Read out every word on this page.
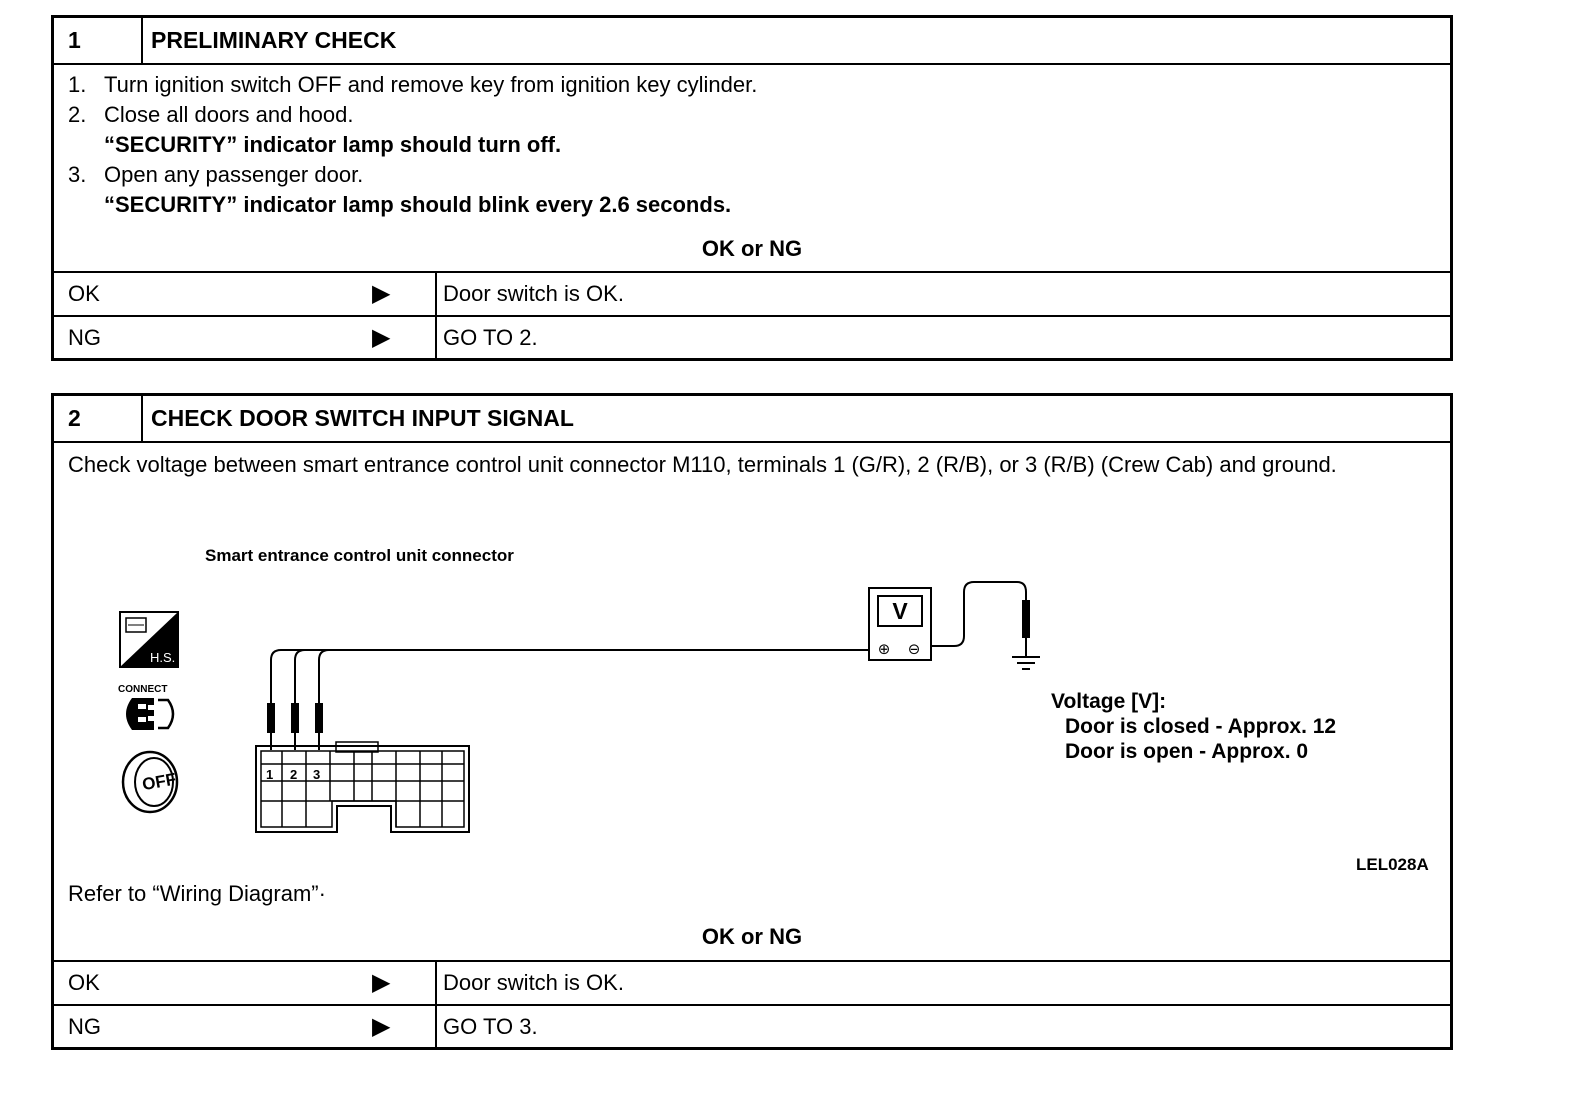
1	PRELIMINARY CHECK
1. Turn ignition switch OFF and remove key from ignition key cylinder.
2. Close all doors and hood.
“SECURITY” indicator lamp should turn off.
3. Open any passenger door.
“SECURITY” indicator lamp should blink every 2.6 seconds.
OK or NG
OK	▶ Door switch is OK.
NG	▶ GO TO 2.
2	CHECK DOOR SWITCH INPUT SIGNAL
Check voltage between smart entrance control unit connector M110, terminals 1 (G/R), 2 (R/B), or 3 (R/B) (Crew Cab) and ground.
Smart entrance control unit connector
H.S.
CONNECT
OFF	1 2 3
V
⊕ ⊖
Voltage [V]:
Door is closed - Approx. 12
Door is open - Approx. 0
LEL028A
Refer to “Wiring Diagram”·
OK or NG
OK	▶ Door switch is OK.
NG	▶ GO TO 3.
